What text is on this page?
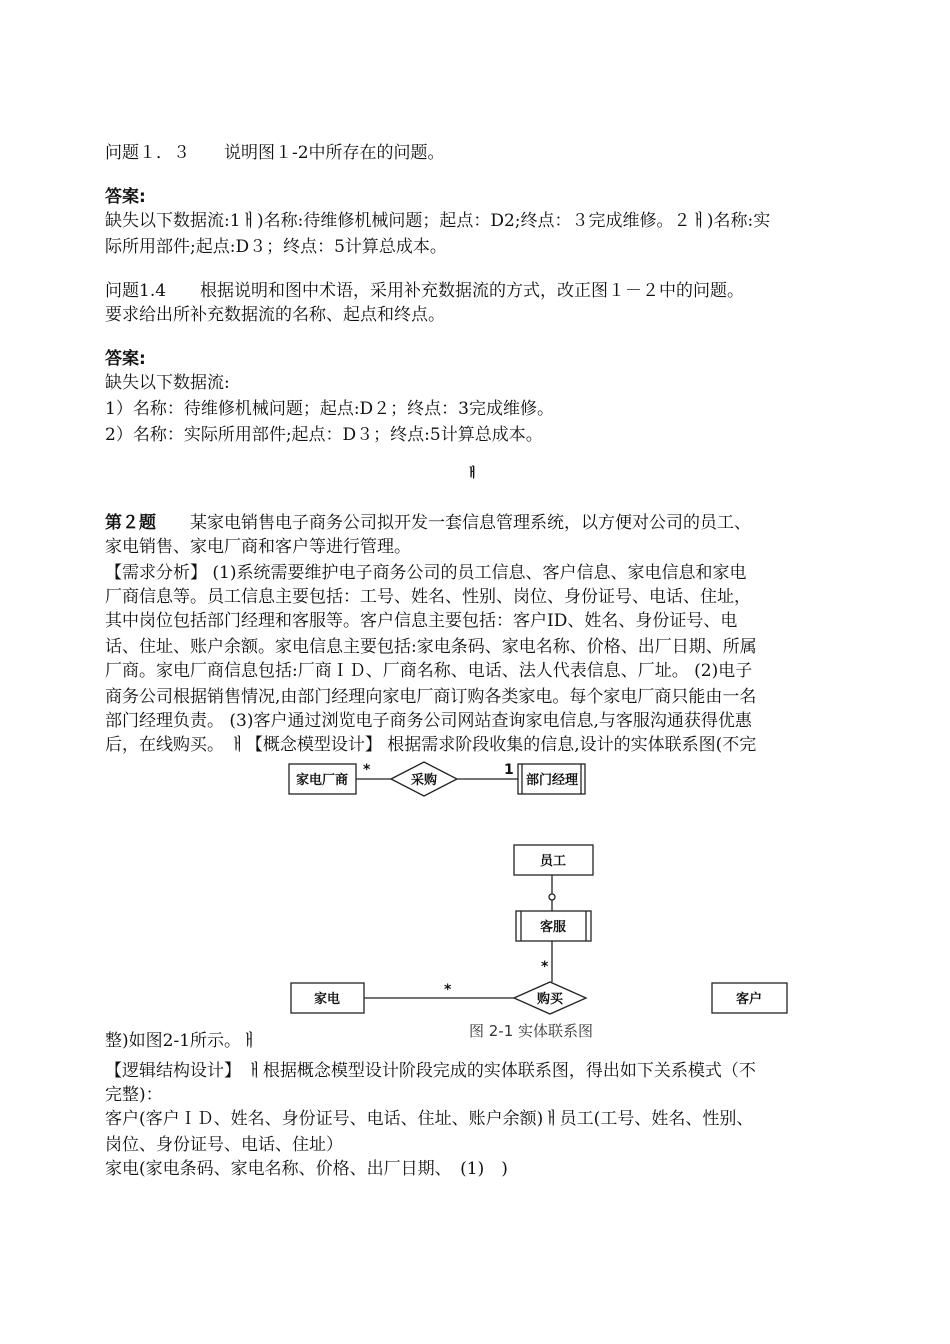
问题１．３　　说明图１-2中所存在的问题。
答案:
缺失以下数据流:1ￃ)名称:待维修机械问题；起点：D2;终点：３完成维修。２ￃ)名称:实
际所用部件;起点:D３；终点：5计算总成本。
问题1.4　　根据说明和图中术语，采用补充数据流的方式，改正图１－２中的问题。
要求给出所补充数据流的名称、起点和终点。
答案:
缺失以下数据流:
1）名称：待维修机械问题；起点:D２；终点：3完成维修。
2）名称：实际所用部件;起点：D３；终点:5计算总成本。
ￃ
第２题　　某家电销售电子商务公司拟开发一套信息管理系统，以方便对公司的员工、
家电销售、家电厂商和客户等进行管理。
【需求分析】 (1)系统需要维护电子商务公司的员工信息、客户信息、家电信息和家电
厂商信息等。员工信息主要包括：工号、姓名、性别、岗位、身份证号、电话、住址，
其中岗位包括部门经理和客服等。客户信息主要包括：客户ID、姓名、身份证号、电
话、住址、账户余额。家电信息主要包括:家电条码、家电名称、价格、出厂日期、所属
厂商。家电厂商信息包括:厂商ＩＤ、厂商名称、电话、法人代表信息、厂址。 (2)电子
商务公司根据销售情况,由部门经理向家电厂商订购各类家电。每个家电厂商只能由一名
部门经理负责。 (3)客户通过浏览电子商务公司网站查询家电信息,与客服沟通获得优惠
后，在线购买。 ￃ【概念模型设计】 根据需求阶段收集的信息,设计的实体联系图(不完
家电厂商	采购	部门经理
员工
客服
家电	购买	客户
*	1
*
*
图 2-1 实体联系图
整)如图2-1所示。ￃ
【逻辑结构设计】 ￃ根据概念模型设计阶段完成的实体联系图，得出如下关系模式（不
完整)：
客户(客户ＩＤ、姓名、身份证号、电话、住址、账户余额)ￃ员工(工号、姓名、性别、
岗位、身份证号、电话、住址）
家电(家电条码、家电名称、价格、出厂日期、　(1)　)
